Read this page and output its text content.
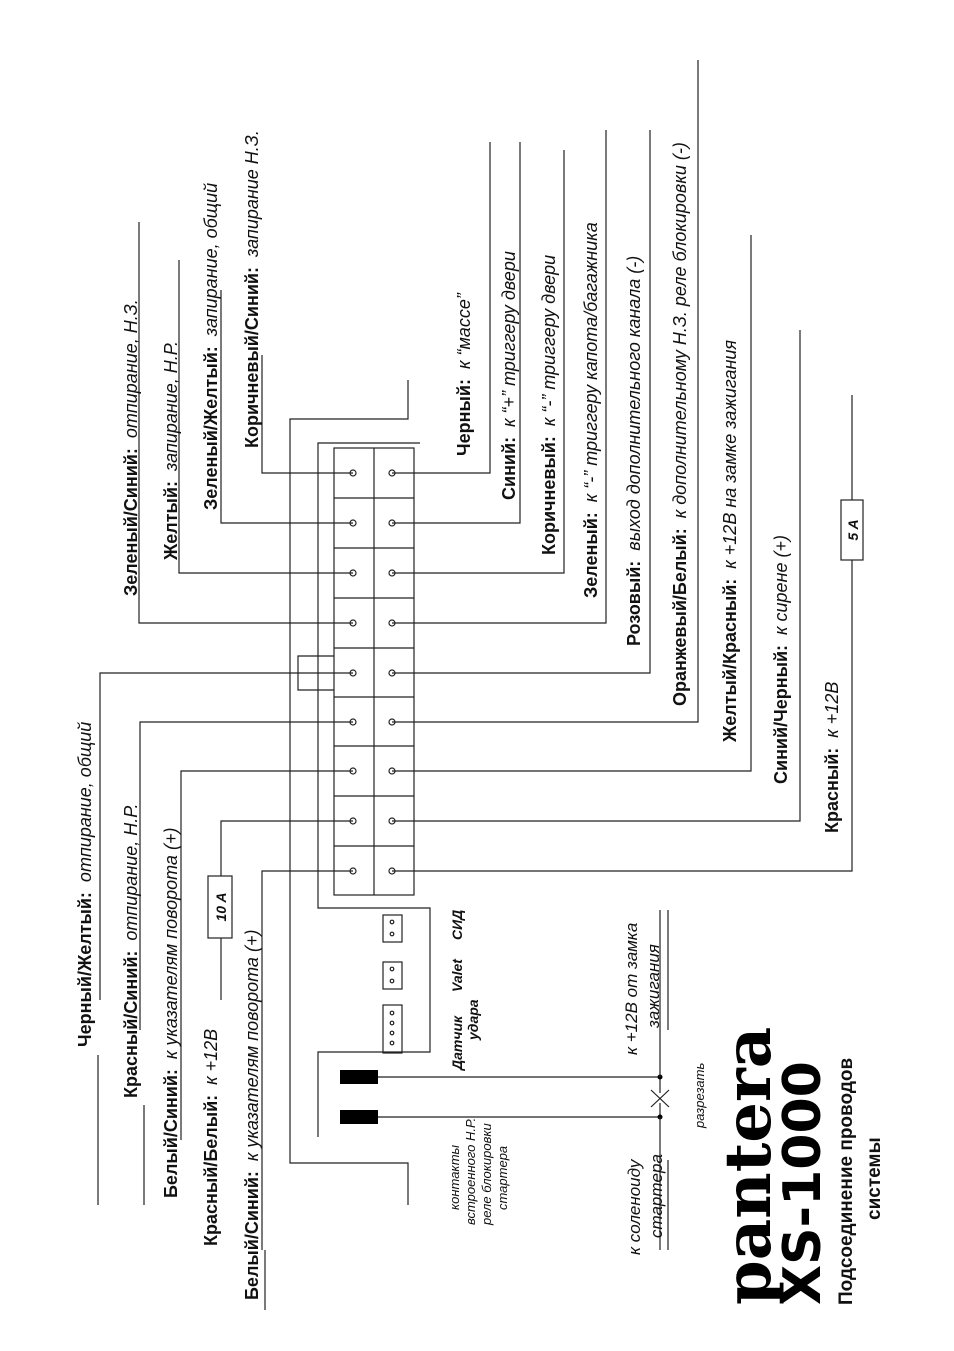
10 A
5 A
Черный/Желтый:отпирание, общий
Красный/Синий:отпирание, Н.Р.
Белый/Синий:к указателям поворота (+)
Красный/Белый:к +12В
Белый/Синий:к указателям поворота (+)
Зеленый/Синий:отпирание, Н.З.
Желтый:запирание, Н.Р. Зеленый/Желтый:запирание, общий
Коричневый/Синий:запирание Н.З.
Черный:к “массе”
Синий:к “+” триггеру двери
Коричневый:к “-” триггеру двери
Зеленый:к “-” триггеру капота/багажника
Розовый:выход дополнительного канала (-)
Оранжевый/Белый:к дополнительному Н.З. реле блокировки (-)
Желтый/Красный:к +12В на замке зажигания
Синий/Черный:к сирене (+)
Красный:к +12В
Датчик удара
Valet
СИД
контакты встроенного Н.Р. реле блокировки стартера	к соленоиду стартера
к +12В от замка зажигания
разрезать pantera
XS-1000 Подсоединение проводов системы
